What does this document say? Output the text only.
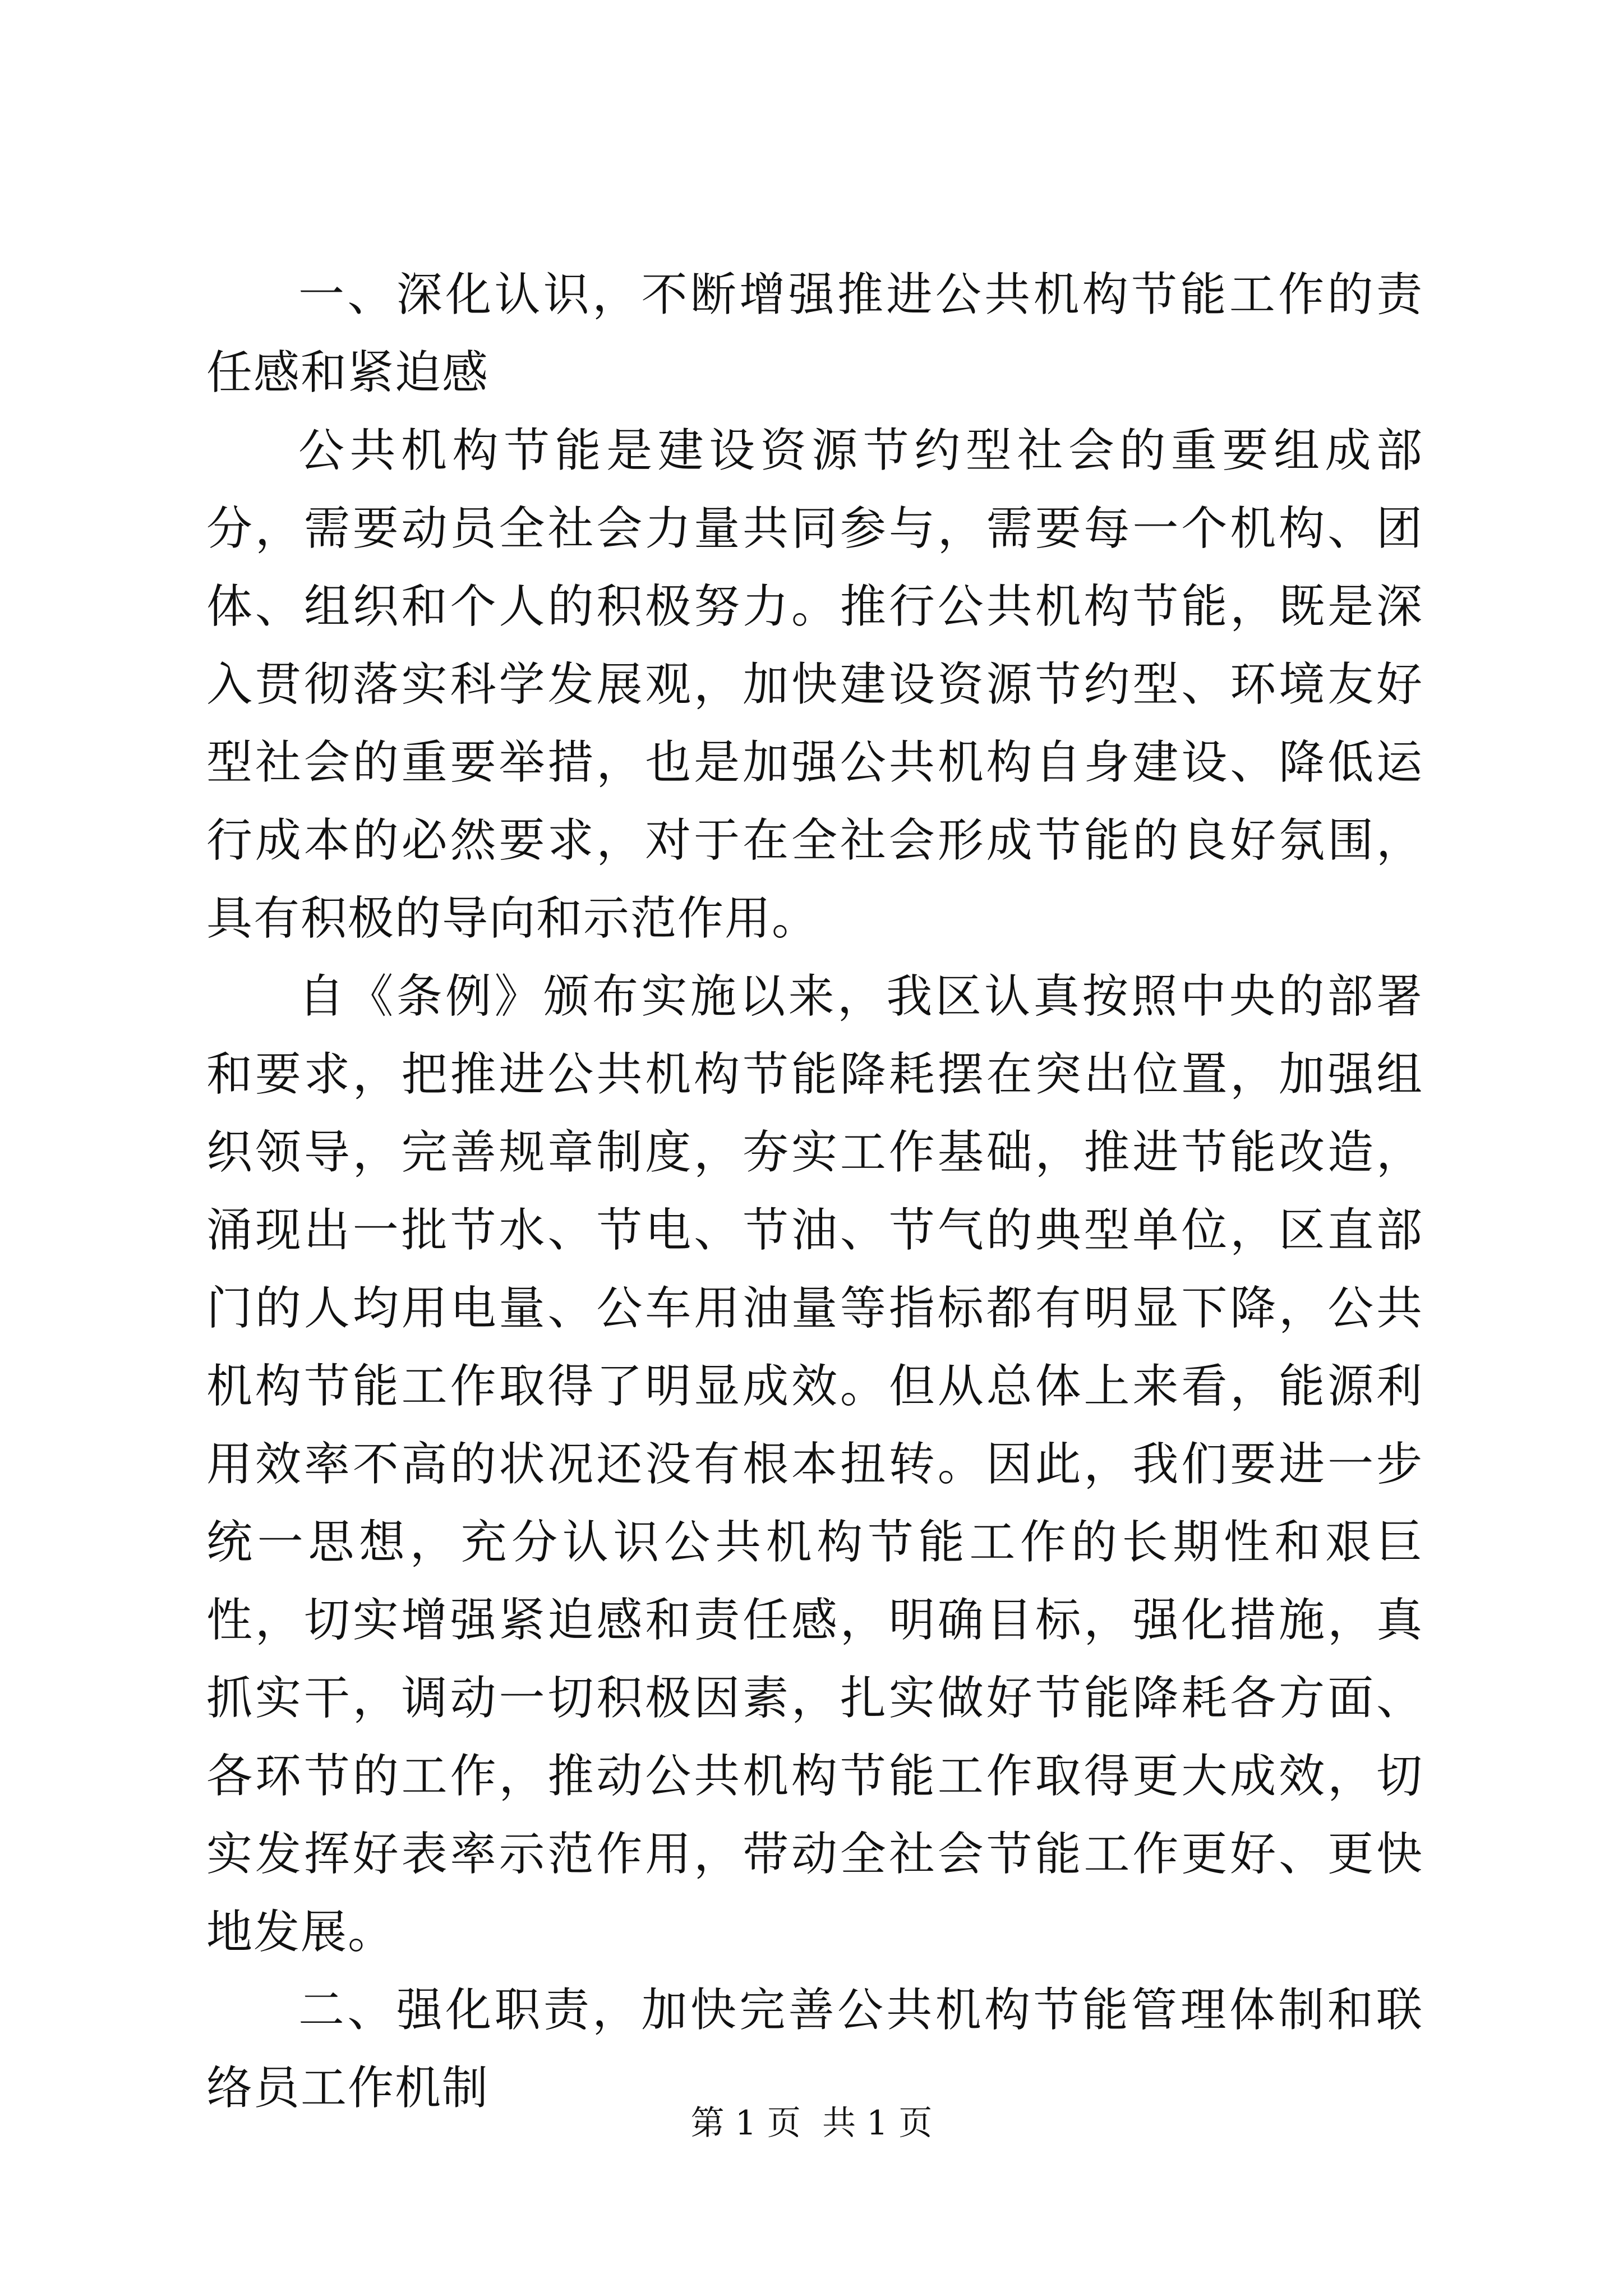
一、深化认识，不断增强推进公共机构节能工作的责任感和紧迫感

公共机构节能是建设资源节约型社会的重要组成部分，需要动员全社会力量共同参与，需要每一个机构、团体、组织和个人的积极努力。推行公共机构节能，既是深入贯彻落实科学发展观，加快建设资源节约型、环境友好型社会的重要举措，也是加强公共机构自身建设、降低运行成本的必然要求，对于在全社会形成节能的良好氛围，具有积极的导向和示范作用。

自《条例》颁布实施以来，我区认真按照中央的部署和要求，把推进公共机构节能降耗摆在突出位置，加强组织领导，完善规章制度，夯实工作基础，推进节能改造，涌现出一批节水、节电、节油、节气的典型单位，区直部门的人均用电量、公车用油量等指标都有明显下降，公共机构节能工作取得了明显成效。但从总体上来看，能源利用效率不高的状况还没有根本扭转。因此，我们要进一步统一思想，充分认识公共机构节能工作的长期性和艰巨性，切实增强紧迫感和责任感，明确目标，强化措施，真抓实干，调动一切积极因素，扎实做好节能降耗各方面、各环节的工作，推动公共机构节能工作取得更大成效，切实发挥好表率示范作用，带动全社会节能工作更好、更快地发展。

二、强化职责，加快完善公共机构节能管理体制和联络员工作机制

第 1 页  共 1 页
